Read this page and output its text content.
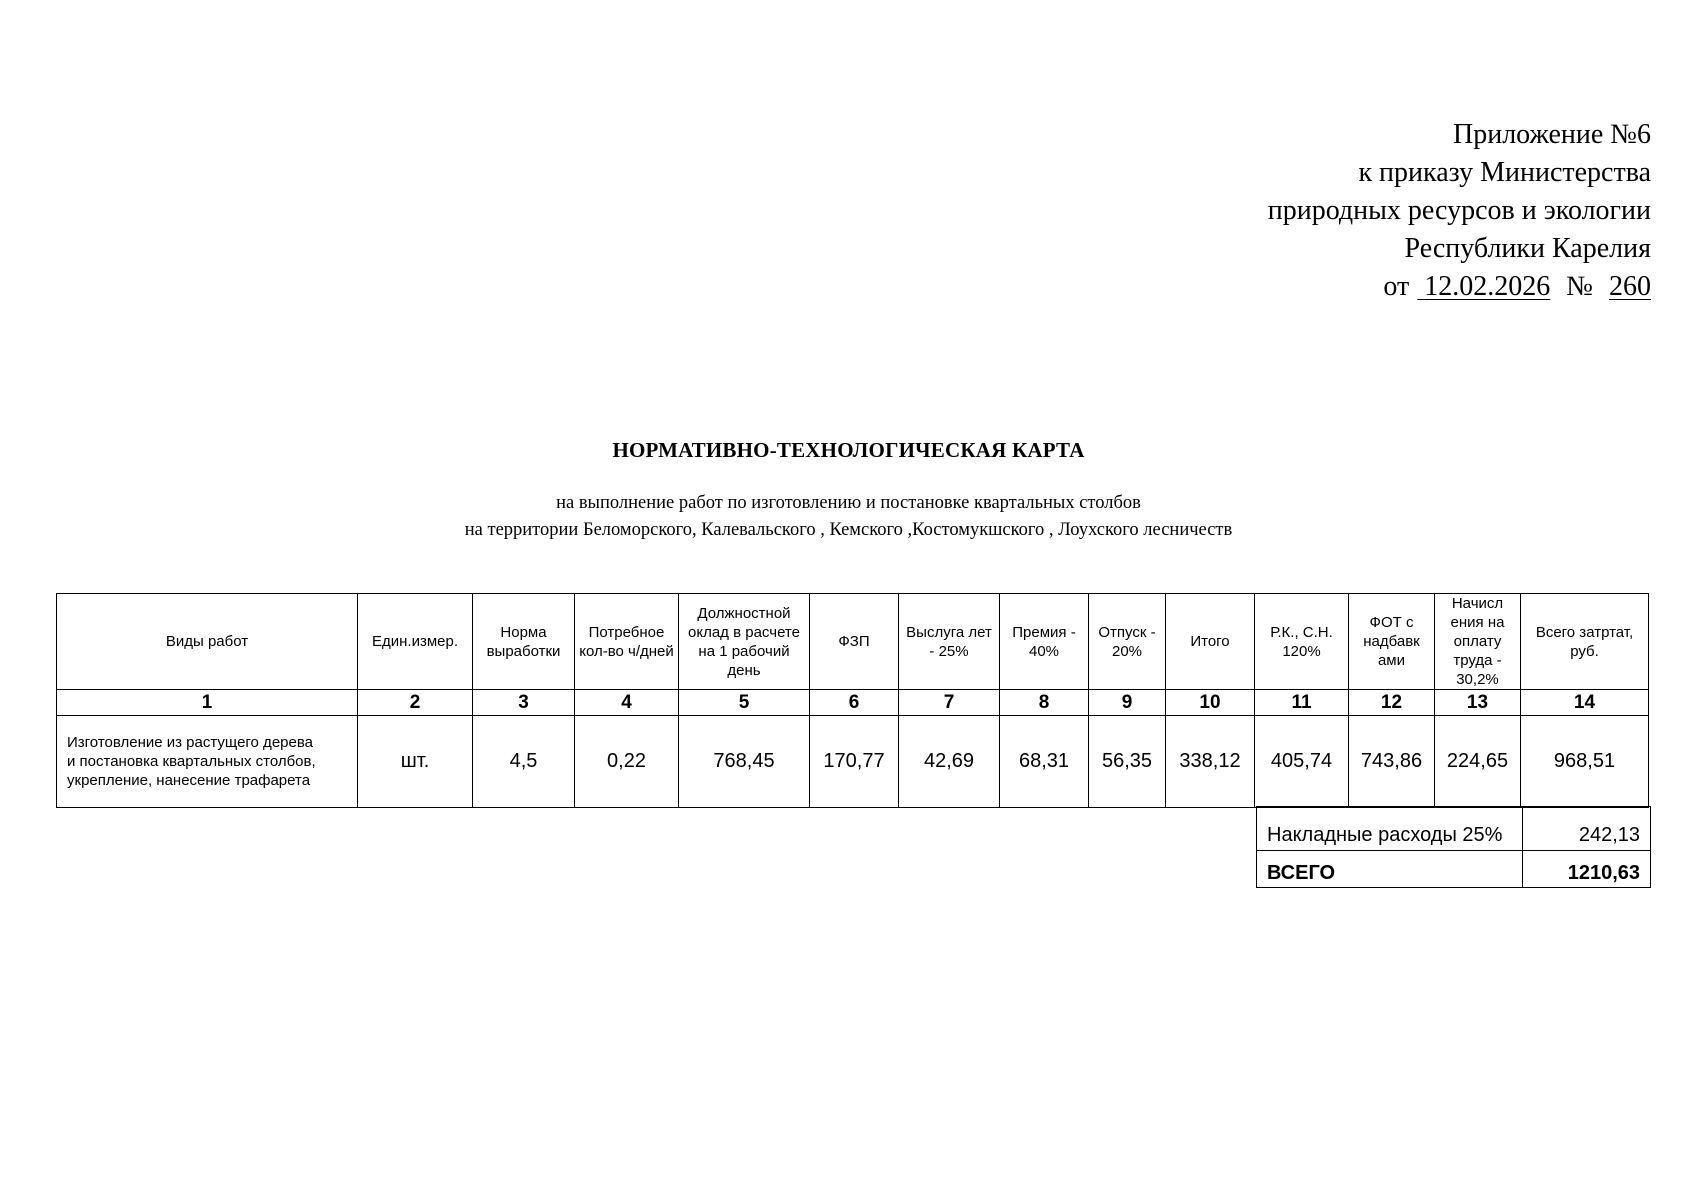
Приложение №6
к приказу Министерства
природных ресурсов и экологии
Республики Карелия
от 12.02.2026 № 260
НОРМАТИВНО-ТЕХНОЛОГИЧЕСКАЯ КАРТА
на выполнение работ по изготовлению и постановке квартальных столбов
на территории Беломорского, Калевальского , Кемского ,Костомукшского , Лоухского лесничеств
Виды работ	Един.измер.	Норма выработки	Потребное кол-во ч/дней	Должностной оклад в расчете на 1 рабочий день	ФЗП	Выслуга лет - 25%	Премия - 40%	Отпуск - 20%	Итого	Р.К., С.Н. 120%	ФОТ с надбавк ами	Начисл ения на оплату труда - 30,2%	Всего затртат, руб.
1	2	3	4	5	6	7	8	9	10	11	12	13	14

Изготовление из растущего дерева
и постановка квартальных столбов,
укрепление, нанесение трафарета	шт.	4,5	0,22	768,45	170,77	42,69	68,31	56,35	338,12	405,74	743,86	224,65	968,51
Накладные расходы 25%	242,13
ВСЕГО	1210,63
